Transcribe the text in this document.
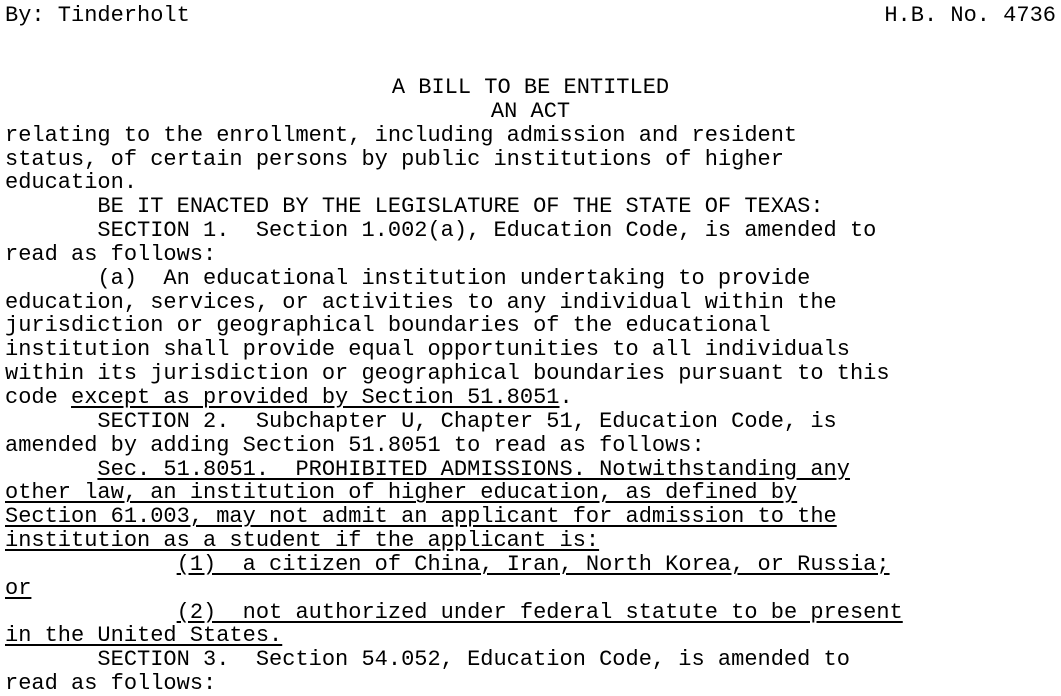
By: Tinderholt

	H.B. No. 4736

A BILL TO BE ENTITLED
AN ACT
relating to the enrollment, including admission and resident
status, of certain persons by public institutions of higher
education.
BE IT ENACTED BY THE LEGISLATURE OF THE STATE OF TEXAS:
SECTION 1.  Section 1.002(a), Education Code, is amended to
read as follows:
(a)  An educational institution undertaking to provide
education, services, or activities to any individual within the
jurisdiction or geographical boundaries of the educational
institution shall provide equal opportunities to all individuals
within its jurisdiction or geographical boundaries pursuant to this
code except as provided by Section 51.8051.
SECTION 2.  Subchapter U, Chapter 51, Education Code, is
amended by adding Section 51.8051 to read as follows:
Sec. 51.8051.  PROHIBITED ADMISSIONS. Notwithstanding any
other law, an institution of higher education, as defined by
Section 61.003, may not admit an applicant for admission to the
institution as a student if the applicant is:
(1)  a citizen of China, Iran, North Korea, or Russia;
or
(2)  not authorized under federal statute to be present
in the United States.
SECTION 3.  Section 54.052, Education Code, is amended to
read as follows:
